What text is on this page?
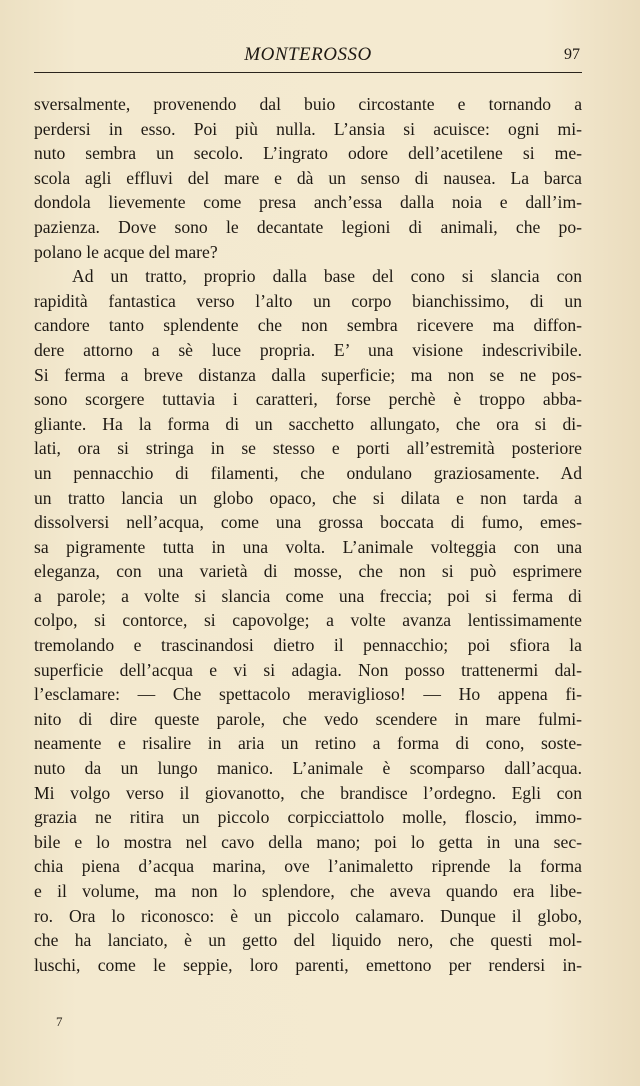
MONTEROSSO	97
sversalmente, provenendo dal buio circostante e tornando a
perdersi in esso. Poi più nulla. L’ansia si acuisce: ogni mi-
nuto sembra un secolo. L’ingrato odore dell’acetilene si me-
scola agli effluvi del mare e dà un senso di nausea. La barca
dondola lievemente come presa anch’essa dalla noia e dall’im-
pazienza. Dove sono le decantate legioni di animali, che po-
polano le acque del mare?
Ad un tratto, proprio dalla base del cono si slancia con
rapidità fantastica verso l’alto un corpo bianchissimo, di un
candore tanto splendente che non sembra ricevere ma diffon-
dere attorno a sè luce propria. E’ una visione indescrivibile.
Si ferma a breve distanza dalla superficie; ma non se ne pos-
sono scorgere tuttavia i caratteri, forse perchè è troppo abba-
gliante. Ha la forma di un sacchetto allungato, che ora si di-
lati, ora si stringa in se stesso e porti all’estremità posteriore
un pennacchio di filamenti, che ondulano graziosamente. Ad
un tratto lancia un globo opaco, che si dilata e non tarda a
dissolversi nell’acqua, come una grossa boccata di fumo, emes-
sa pigramente tutta in una volta. L’animale volteggia con una
eleganza, con una varietà di mosse, che non si può esprimere
a parole; a volte si slancia come una freccia; poi si ferma di
colpo, si contorce, si capovolge; a volte avanza lentissimamente
tremolando e trascinandosi dietro il pennacchio; poi sfiora la
superficie dell’acqua e vi si adagia. Non posso trattenermi dal-
l’esclamare: — Che spettacolo meraviglioso! — Ho appena fi-
nito di dire queste parole, che vedo scendere in mare fulmi-
neamente e risalire in aria un retino a forma di cono, soste-
nuto da un lungo manico. L’animale è scomparso dall’acqua.
Mi volgo verso il giovanotto, che brandisce l’ordegno. Egli con
grazia ne ritira un piccolo corpicciattolo molle, floscio, immo-
bile e lo mostra nel cavo della mano; poi lo getta in una sec-
chia piena d’acqua marina, ove l’animaletto riprende la forma
e il volume, ma non lo splendore, che aveva quando era libe-
ro. Ora lo riconosco: è un piccolo calamaro. Dunque il globo,
che ha lanciato, è un getto del liquido nero, che questi mol-
luschi, come le seppie, loro parenti, emettono per rendersi in-
7
